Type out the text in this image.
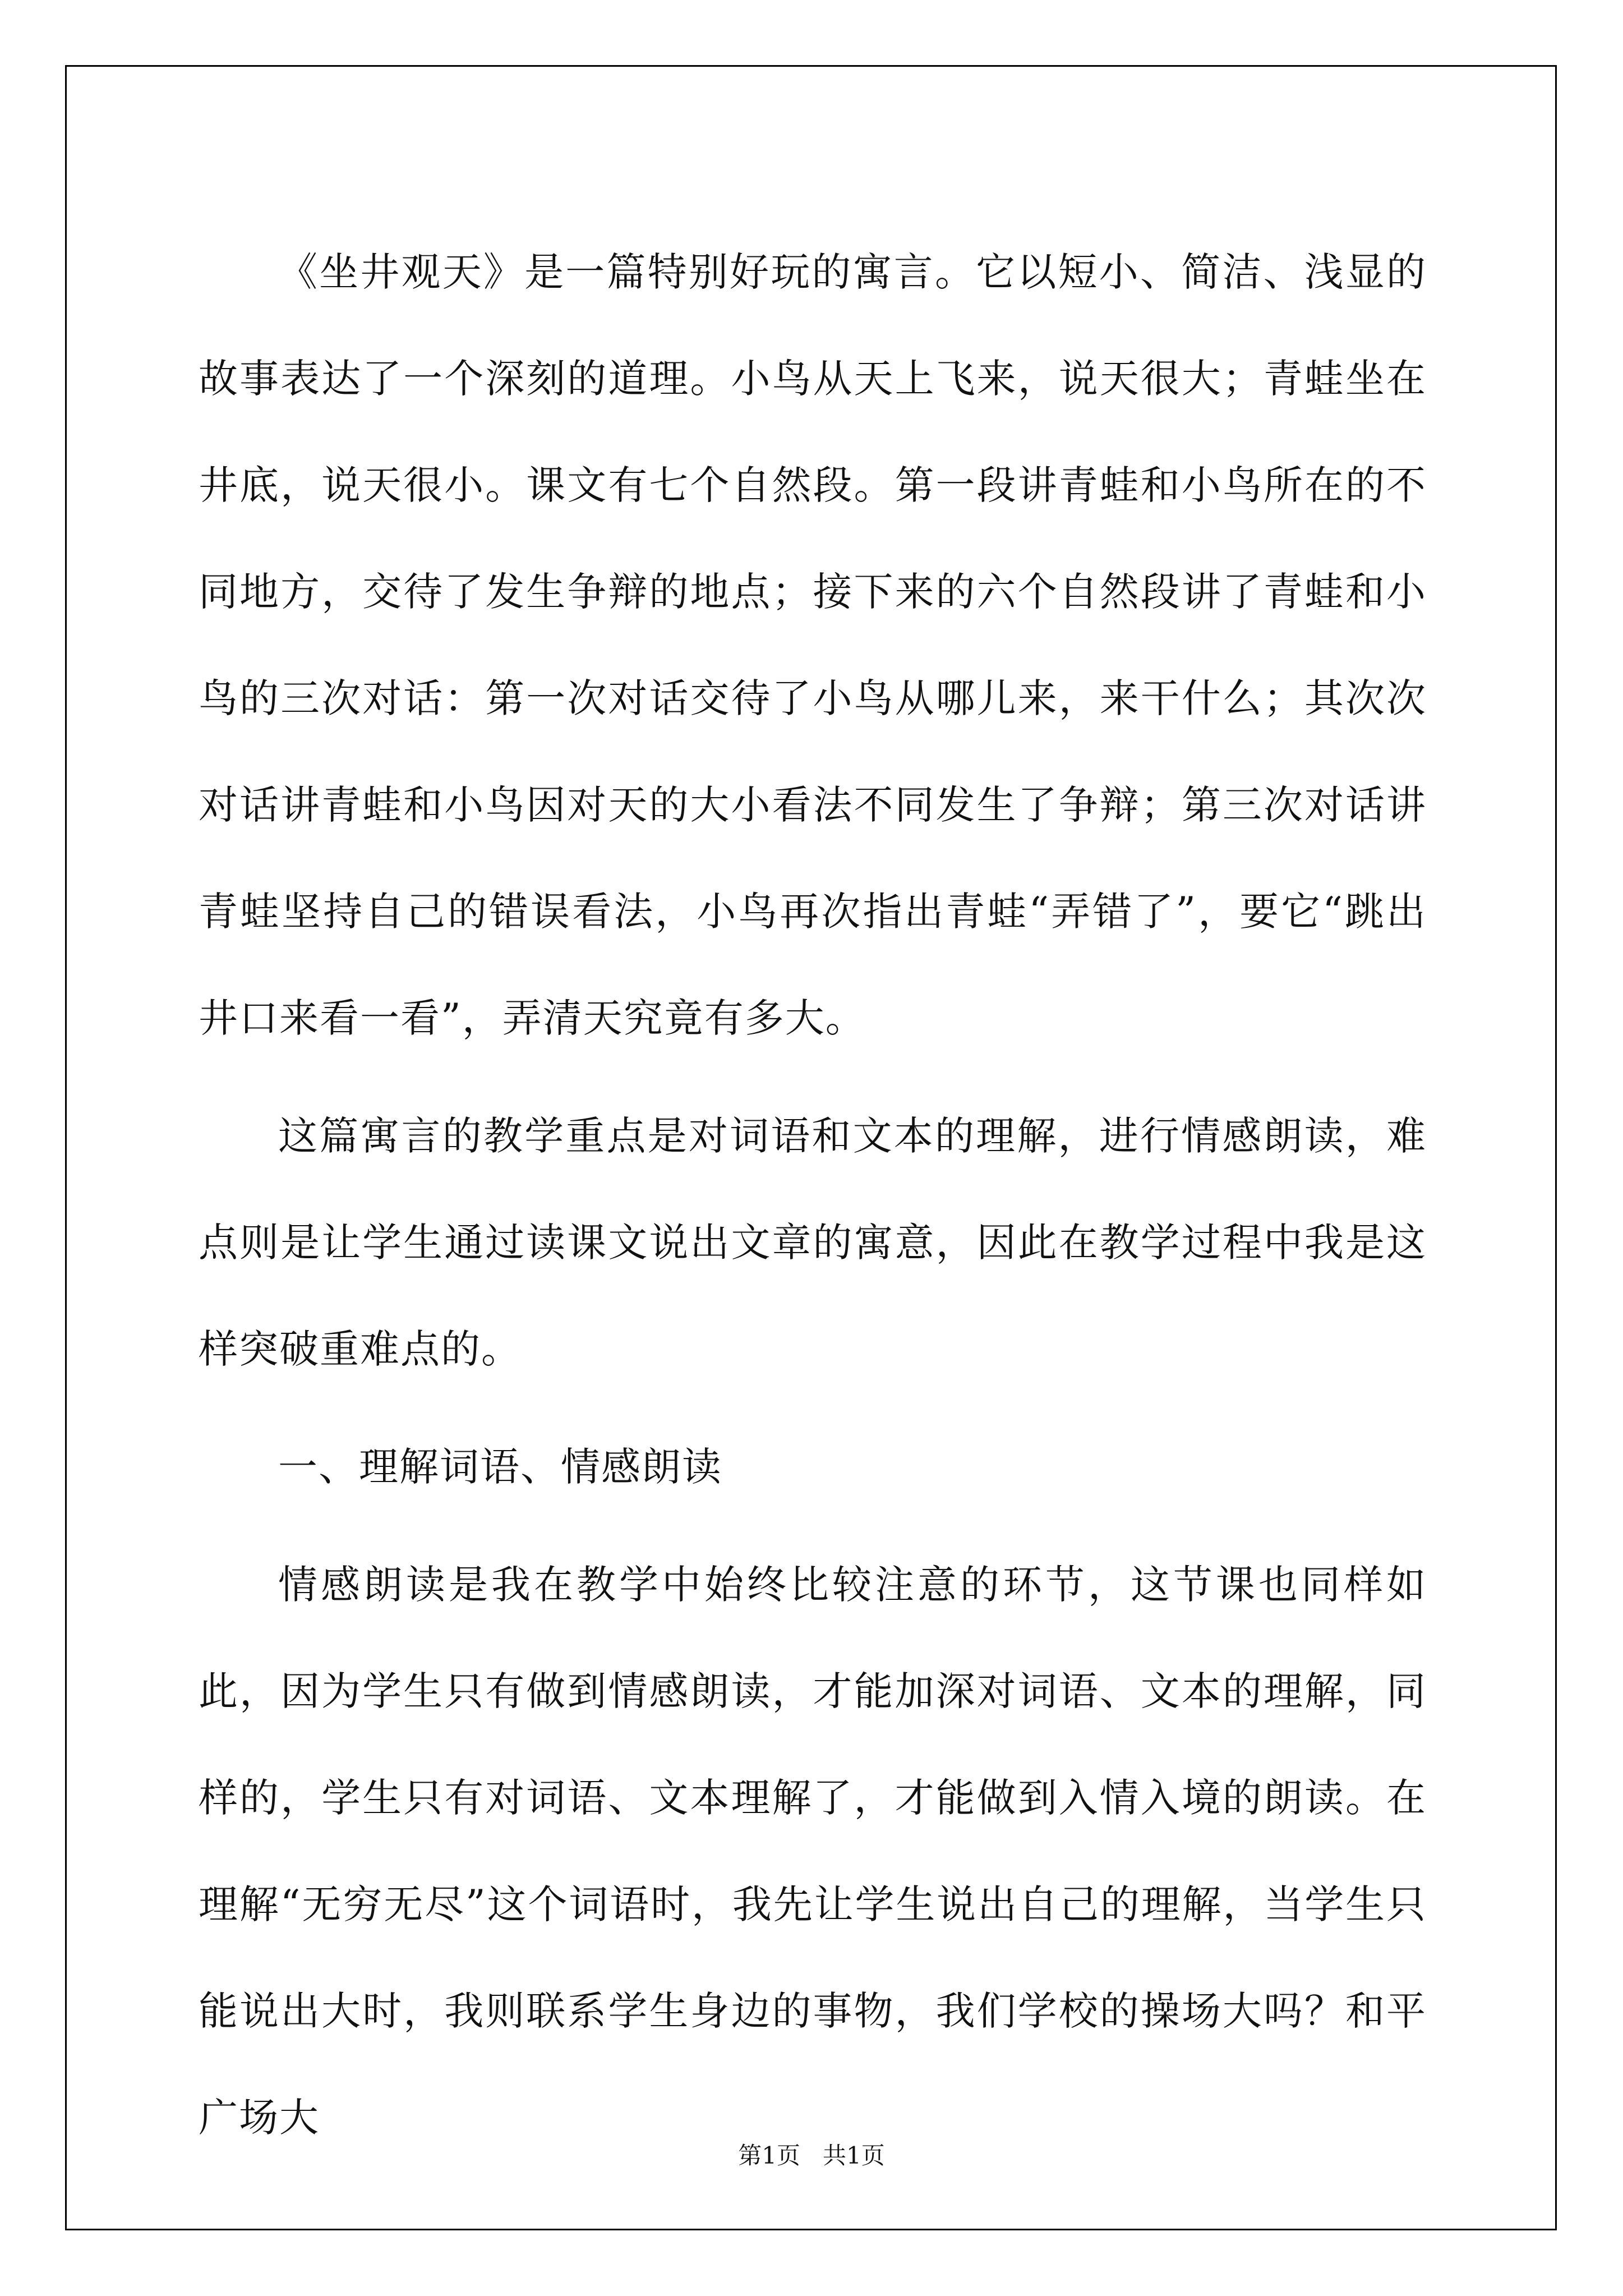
《坐井观天》是一篇特别好玩的寓言。它以短小、简洁、浅显的故事表达了一个深刻的道理。小鸟从天上飞来，说天很大；青蛙坐在井底，说天很小。课文有七个自然段。第一段讲青蛙和小鸟所在的不同地方，交待了发生争辩的地点；接下来的六个自然段讲了青蛙和小鸟的三次对话：第一次对话交待了小鸟从哪儿来，来干什么；其次次对话讲青蛙和小鸟因对天的大小看法不同发生了争辩；第三次对话讲青蛙坚持自己的错误看法，小鸟再次指出青蛙“弄错了”，要它“跳出井口来看一看”，弄清天究竟有多大。

这篇寓言的教学重点是对词语和文本的理解，进行情感朗读，难点则是让学生通过读课文说出文章的寓意，因此在教学过程中我是这样突破重难点的。

一、理解词语、情感朗读

情感朗读是我在教学中始终比较注意的环节，这节课也同样如此，因为学生只有做到情感朗读，才能加深对词语、文本的理解，同样的，学生只有对词语、文本理解了，才能做到入情入境的朗读。在理解“无穷无尽”这个词语时，我先让学生说出自己的理解，当学生只能说出大时，我则联系学生身边的事物，我们学校的操场大吗？和平广场大

第1页   共1页
